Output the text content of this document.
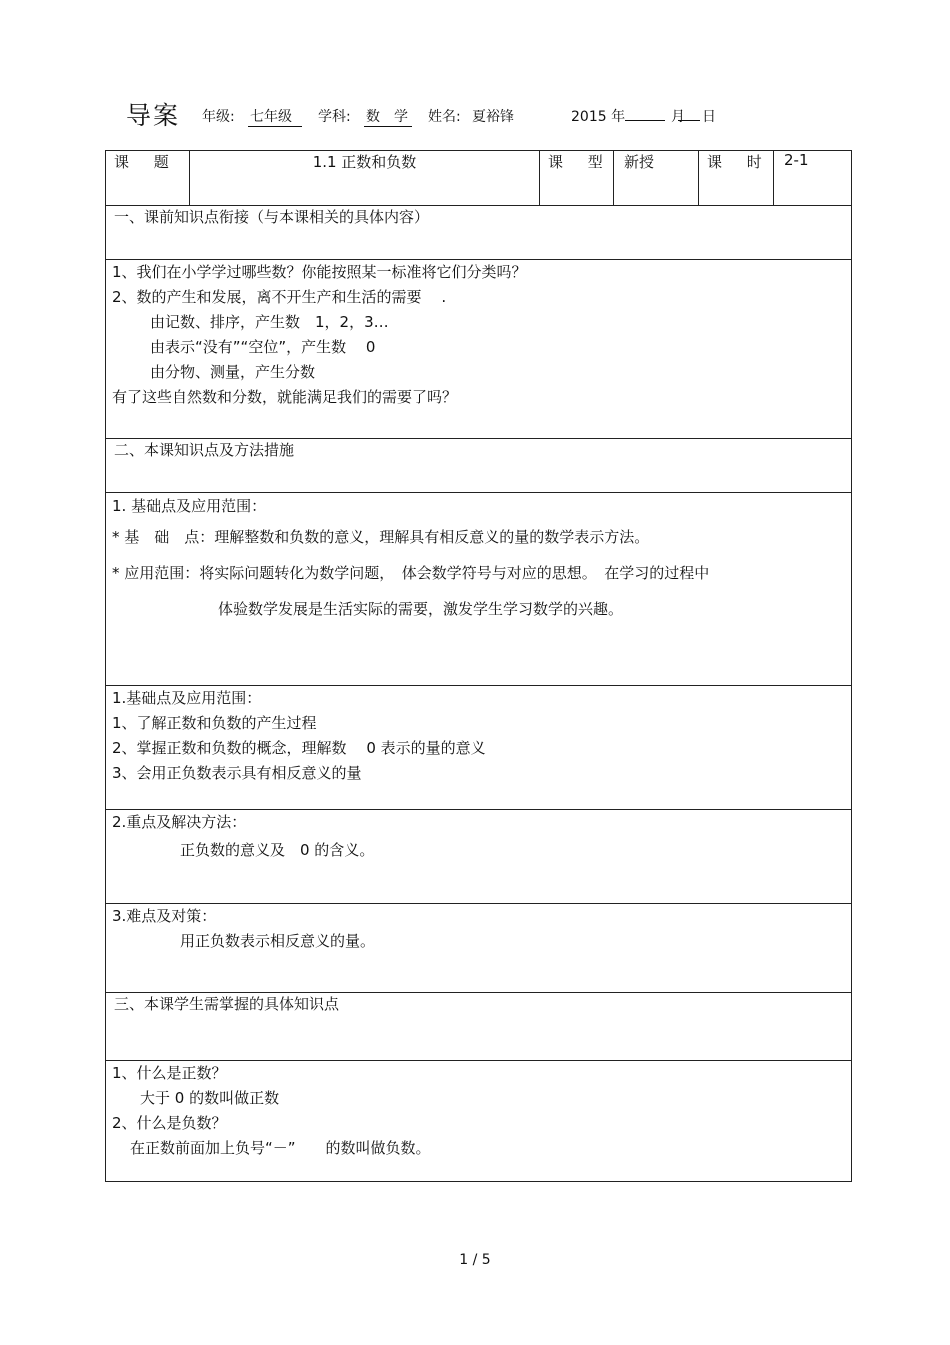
导案 年级: 七年级	学科: 数　学 姓名: 夏裕锋	2015 年	月 日
课 题	1.1 正数和负数	课 型	新授	课 时	2-1
一、课前知识点衔接（与本课相关的具体内容）

1、我们在小学学过哪些数？你能按照某一标准将它们分类吗？
2、数的产生和发展，离不开生产和生活的需要　 .
由记数、排序，产生数　1，2，3…
由表示“没有”“空位”，产生数　 0
由分物、测量，产生分数
有了这些自然数和分数，就能满足我们的需要了吗？

二、本课知识点及方法措施

1. 基础点及应用范围：
* 基　础　点：理解整数和负数的意义，理解具有相反意义的量的数学表示方法。
* 应用范围：将实际问题转化为数学问题，　体会数学符号与对应的思想。　在学习的过程中
体验数学发展是生活实际的需要，激发学生学习数学的兴趣。

1.基础点及应用范围：
1、了解正数和负数的产生过程
2、掌握正数和负数的概念，理解数　 0 表示的量的意义
3、会用正负数表示具有相反意义的量

2.重点及解决方法：
正负数的意义及　0 的含义。

3.难点及对策：
用正负数表示相反意义的量。

三、本课学生需掌握的具体知识点

1、什么是正数？
大于 0 的数叫做正数
2、什么是负数？
在正数前面加上负号“－”　　的数叫做负数。
1 / 5
